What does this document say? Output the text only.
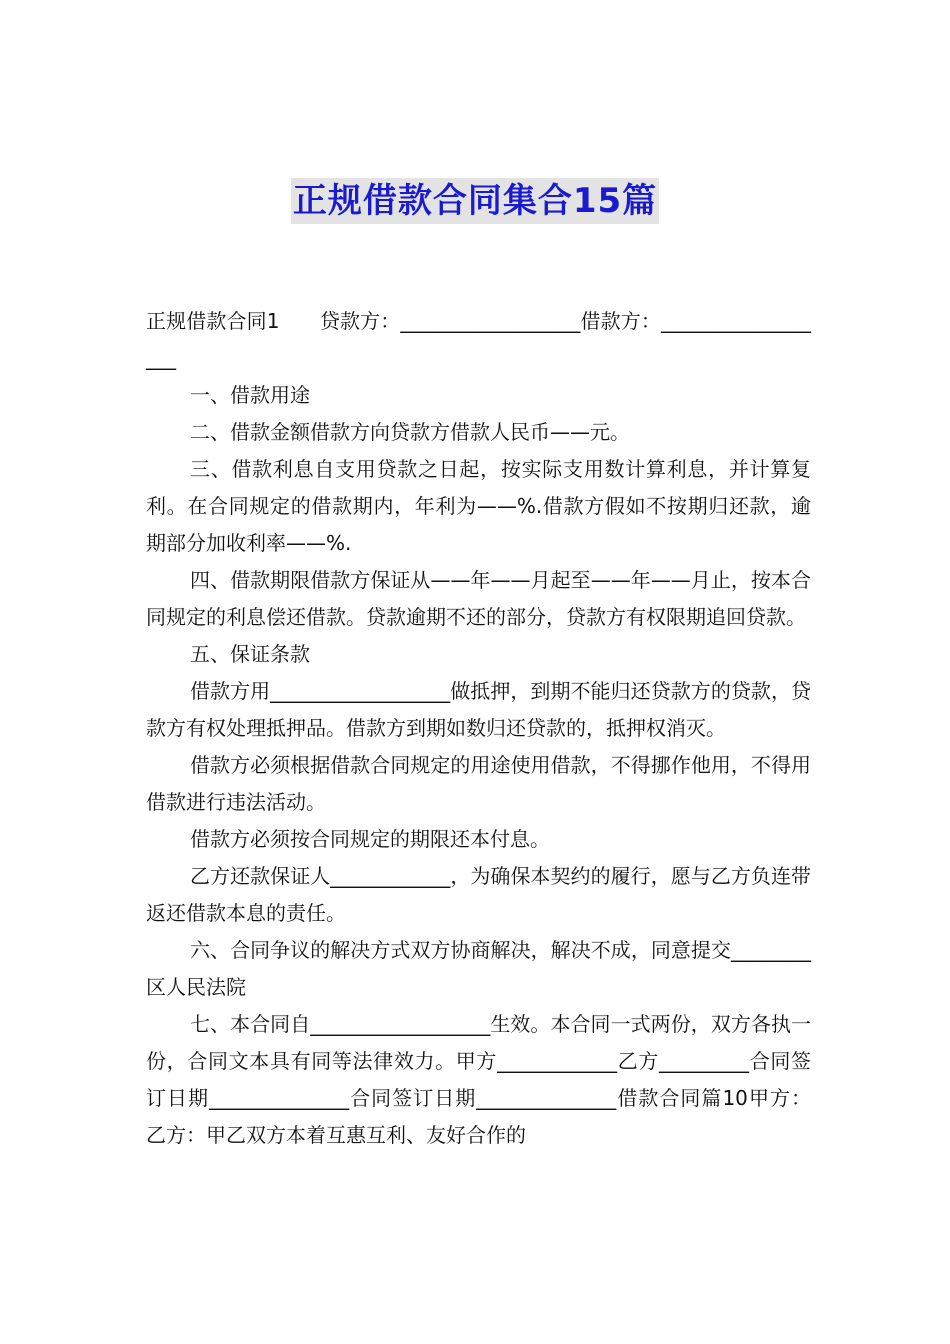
正规借款合同集合15篇

正规借款合同1　　贷款方：__________________借款方：__________________

一、借款用途

二、借款金额借款方向贷款方借款人民币——元。

三、借款利息自支用贷款之日起，按实际支用数计算利息，并计算复利。在合同规定的借款期内，年利为——%.借款方假如不按期归还款，逾期部分加收利率——%.

四、借款期限借款方保证从——年——月起至——年——月止，按本合同规定的利息偿还借款。贷款逾期不还的部分，贷款方有权限期追回贷款。

五、保证条款

借款方用__________________做抵押，到期不能归还贷款方的贷款，贷款方有权处理抵押品。借款方到期如数归还贷款的，抵押权消灭。

借款方必须根据借款合同规定的用途使用借款，不得挪作他用，不得用借款进行违法活动。

借款方必须按合同规定的期限还本付息。

乙方还款保证人____________，为确保本契约的履行，愿与乙方负连带返还借款本息的责任。

六、合同争议的解决方式双方协商解决，解决不成，同意提交________区人民法院

七、本合同自__________________生效。本合同一式两份，双方各执一份，合同文本具有同等法律效力。甲方____________乙方_________合同签订日期______________合同签订日期______________借款合同篇10甲方：乙方：甲乙双方本着互惠互利、友好合作的
